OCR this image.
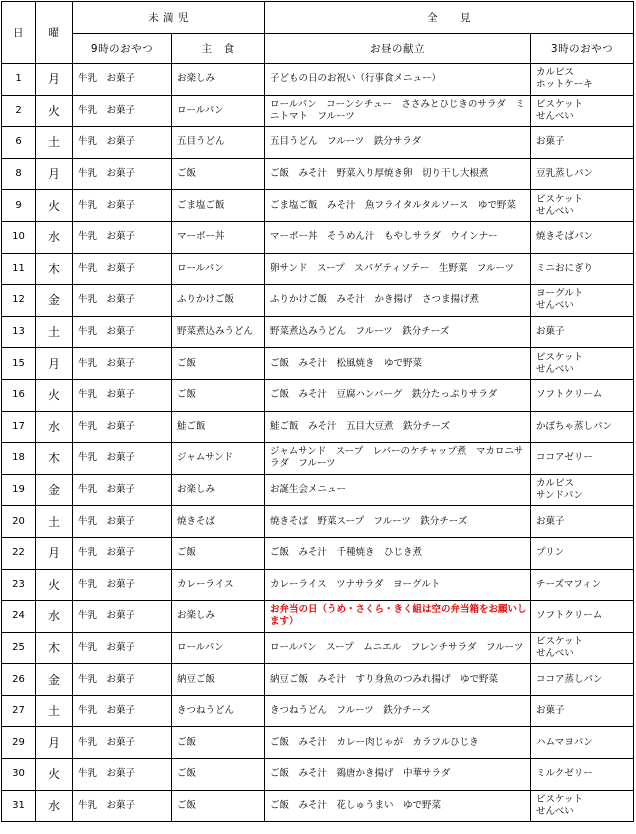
日	曜	未 満 児		全　　見	
		9時のおやつ	主　食	お昼の献立	3時のおやつ
1	月	牛乳　お菓子	お楽しみ	子どもの日のお祝い（行事食メニュー）	カルピス
ホットケーキ
2	火	牛乳　お菓子	ロールパン	ロールパン　コーンシチュー　ささみとひじきのサラダ　ミニトマト　フルーツ	ビスケット
せんべい
6	土	牛乳　お菓子	五目うどん	五目うどん　フルーツ　鉄分サラダ	お菓子
8	月	牛乳　お菓子	ご飯	ご飯　みそ汁　野菜入り厚焼き卵　切り干し大根煮	豆乳蒸しパン
9	火	牛乳　お菓子	ごま塩ご飯	ごま塩ご飯　みそ汁　魚フライタルタルソース　ゆで野菜	ビスケット
せんべい
10	水	牛乳　お菓子	マーボー丼	マーボー丼　そうめん汁　もやしサラダ　ウインナー	焼きそばパン
11	木	牛乳　お菓子	ロールパン	卵サンド　スープ　スパゲティソテー　生野菜　フルーツ	ミニおにぎり
12	金	牛乳　お菓子	ふりかけご飯	ふりかけご飯　みそ汁　かき揚げ　さつま揚げ煮	ヨーグルト
せんべい
13	土	牛乳　お菓子	野菜煮込みうどん	野菜煮込みうどん　フルーツ　鉄分チーズ	お菓子
15	月	牛乳　お菓子	ご飯	ご飯　みそ汁　松風焼き　ゆで野菜	ビスケット
せんべい
16	火	牛乳　お菓子	ご飯	ご飯　みそ汁　豆腐ハンバーグ　鉄分たっぷりサラダ	ソフトクリーム
17	水	牛乳　お菓子	鮭ご飯	鮭ご飯　みそ汁　五目大豆煮　鉄分チーズ	かぼちゃ蒸しパン
18	木	牛乳　お菓子	ジャムサンド	ジャムサンド　スープ　レバーのケチャップ煮　マカロニサラダ　フルーツ	ココアゼリー
19	金	牛乳　お菓子	お楽しみ	お誕生会メニュー	カルピス
サンドパン
20	土	牛乳　お菓子	焼きそば	焼きそば　野菜スープ　フルーツ　鉄分チーズ	お菓子
22	月	牛乳　お菓子	ご飯	ご飯　みそ汁　千種焼き　ひじき煮	プリン
23	火	牛乳　お菓子	カレーライス	カレーライス　ツナサラダ　ヨーグルト	チーズマフィン
24	水	牛乳　お菓子	お楽しみ	お弁当の日（うめ・さくら・きく組は空の弁当箱をお願いします）	ソフトクリーム
25	木	牛乳　お菓子	ロールパン	ロールパン　スープ　ムニエル　フレンチサラダ　フルーツ	ビスケット
せんべい
26	金	牛乳　お菓子	納豆ご飯	納豆ご飯　みそ汁　すり身魚のつみれ揚げ　ゆで野菜	ココア蒸しパン
27	土	牛乳　お菓子	きつねうどん	きつねうどん　フルーツ　鉄分チーズ	お菓子
29	月	牛乳　お菓子	ご飯	ご飯　みそ汁　カレー肉じゃが　カラフルひじき	ハムマヨパン
30	火	牛乳　お菓子	ご飯	ご飯　みそ汁　鶏唐かき揚げ　中華サラダ	ミルクゼリー
31	水	牛乳　お菓子	ご飯	ご飯　みそ汁　花しゅうまい　ゆで野菜	ビスケット
せんべい
